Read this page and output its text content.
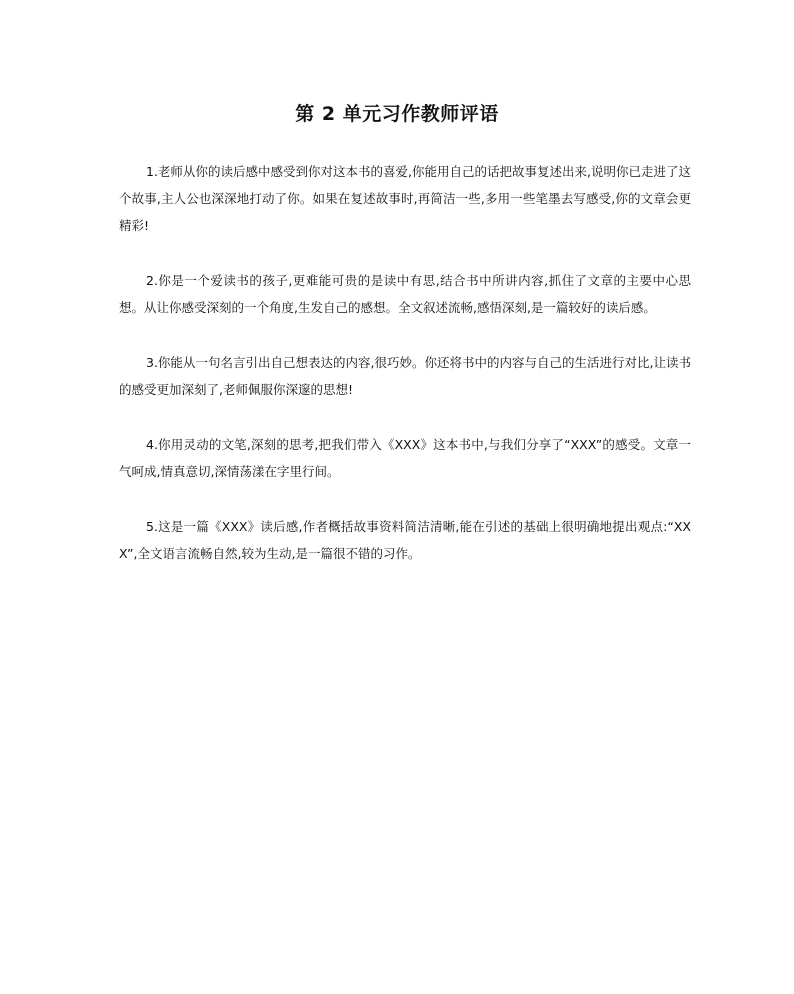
第 2 单元习作教师评语

1.老师从你的读后感中感受到你对这本书的喜爱,你能用自己的话把故事复述出来,说明你已走进了这个故事,主人公也深深地打动了你。如果在复述故事时,再简洁一些,多用一些笔墨去写感受,你的文章会更精彩!

2.你是一个爱读书的孩子,更难能可贵的是读中有思,结合书中所讲内容,抓住了文章的主要中心思想。从让你感受深刻的一个角度,生发自己的感想。全文叙述流畅,感悟深刻,是一篇较好的读后感。

3.你能从一句名言引出自己想表达的内容,很巧妙。你还将书中的内容与自己的生活进行对比,让读书的感受更加深刻了,老师佩服你深邃的思想!

4.你用灵动的文笔,深刻的思考,把我们带入《XXX》这本书中,与我们分享了“XXX”的感受。文章一气呵成,情真意切,深情荡漾在字里行间。

5.这是一篇《XXX》读后感,作者概括故事资料简洁清晰,能在引述的基础上很明确地提出观点:“XXX”,全文语言流畅自然,较为生动,是一篇很不错的习作。
